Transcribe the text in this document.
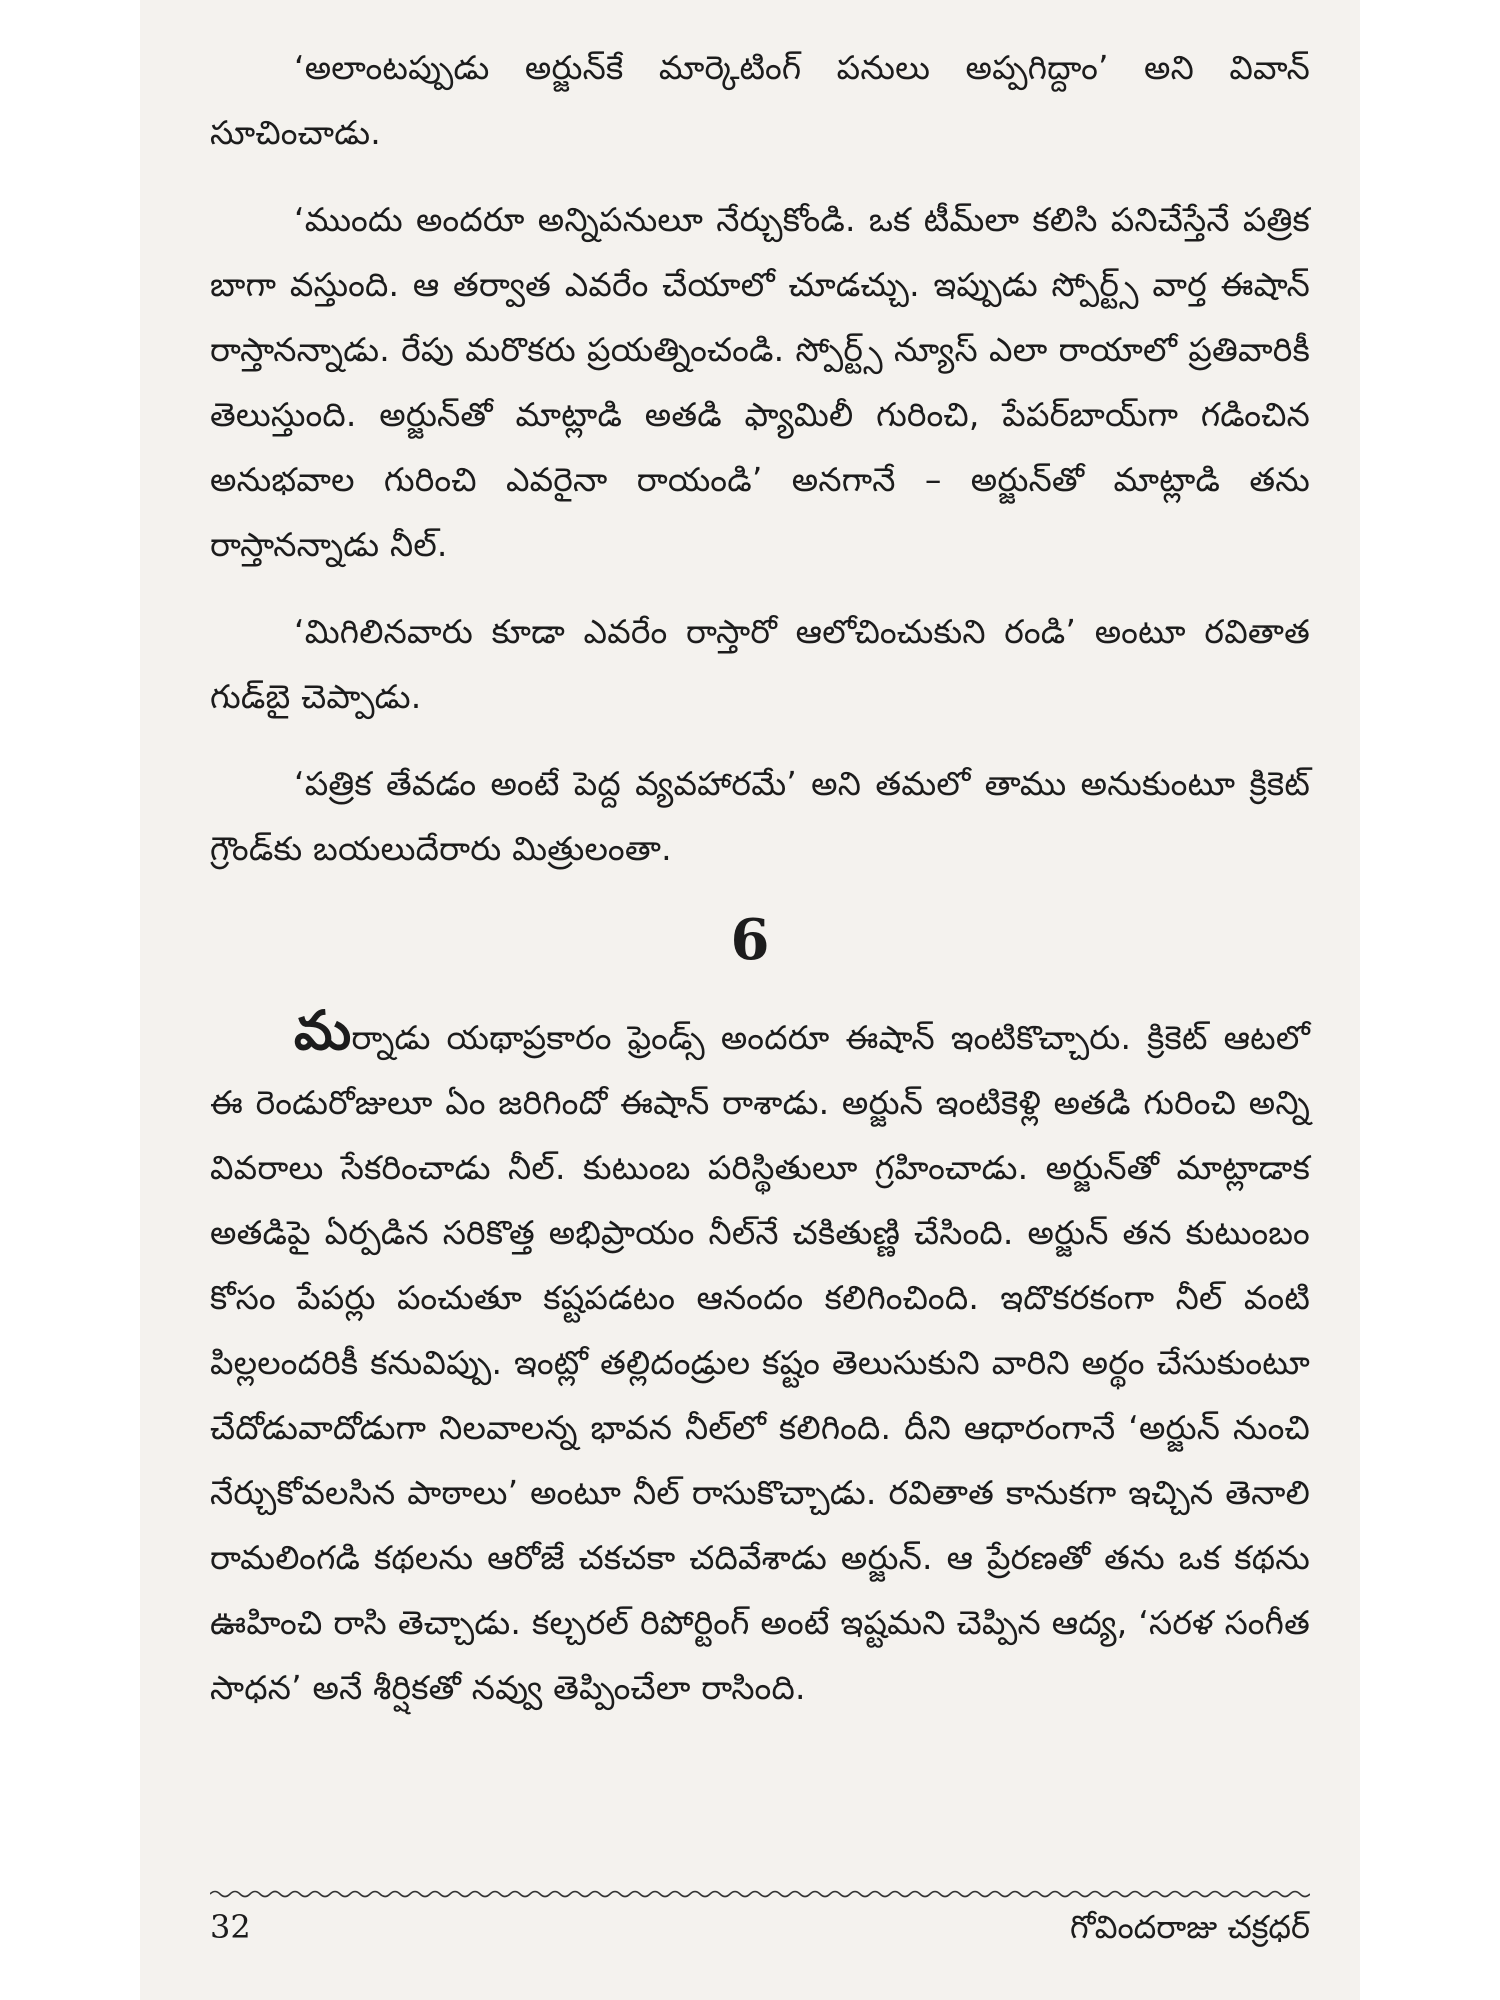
‘అలాంటప్పుడు అర్జున్‌కే మార్కెటింగ్ పనులు అప్పగిద్దాం’ అని వివాన్ సూచించాడు.

‘ముందు అందరూ అన్నిపనులూ నేర్చుకోండి. ఒక టీమ్‌లా కలిసి పనిచేస్తేనే పత్రిక బాగా వస్తుంది. ఆ తర్వాత ఎవరేం చేయాలో చూడచ్చు. ఇప్పుడు స్పోర్ట్స్ వార్త ఈషాన్ రాస్తానన్నాడు. రేపు మరొకరు ప్రయత్నించండి. స్పోర్ట్స్ న్యూస్ ఎలా రాయాలో ప్రతివారికీ తెలుస్తుంది. అర్జున్‌తో మాట్లాడి అతడి ఫ్యామిలీ గురించి, పేపర్‌బాయ్‌గా గడించిన అనుభవాల గురించి ఎవరైనా రాయండి’ అనగానే – అర్జున్‌తో మాట్లాడి తను రాస్తానన్నాడు నీల్.

‘మిగిలినవారు కూడా ఎవరేం రాస్తారో ఆలోచించుకుని రండి’ అంటూ రవితాత గుడ్‌బై చెప్పాడు.

‘పత్రిక తేవడం అంటే పెద్ద వ్యవహారమే’ అని తమలో తాము అనుకుంటూ క్రికెట్ గ్రౌండ్‌కు బయలుదేరారు మిత్రులంతా.

6

మర్నాడు యథాప్రకారం ఫ్రెండ్స్ అందరూ ఈషాన్ ఇంటికొచ్చారు. క్రికెట్ ఆటలో ఈ రెండురోజులూ ఏం జరిగిందో ఈషాన్ రాశాడు. అర్జున్ ఇంటికెళ్లి అతడి గురించి అన్ని వివరాలు సేకరించాడు నీల్. కుటుంబ పరిస్థితులూ గ్రహించాడు. అర్జున్‌తో మాట్లాడాక అతడిపై ఏర్పడిన సరికొత్త అభిప్రాయం నీల్‌నే చకితుణ్ణి చేసింది. అర్జున్ తన కుటుంబం కోసం పేపర్లు పంచుతూ కష్టపడటం ఆనందం కలిగించింది. ఇదొకరకంగా నీల్ వంటి పిల్లలందరికీ కనువిప్పు. ఇంట్లో తల్లిదండ్రుల కష్టం తెలుసుకుని వారిని అర్థం చేసుకుంటూ చేదోడువాదోడుగా నిలవాలన్న భావన నీల్‌లో కలిగింది. దీని ఆధారంగానే ‘అర్జున్ నుంచి నేర్చుకోవలసిన పాఠాలు’ అంటూ నీల్ రాసుకొచ్చాడు. రవితాత కానుకగా ఇచ్చిన తెనాలి రామలింగడి కథలను ఆరోజే చకచకా చదివేశాడు అర్జున్. ఆ ప్రేరణతో తను ఒక కథను ఊహించి రాసి తెచ్చాడు. కల్చరల్ రిపోర్టింగ్ అంటే ఇష్టమని చెప్పిన ఆద్య, ‘సరళ సంగీత సాధన’ అనే శీర్షికతో నవ్వు తెప్పించేలా రాసింది.

32	గోవిందరాజు చక్రధర్
